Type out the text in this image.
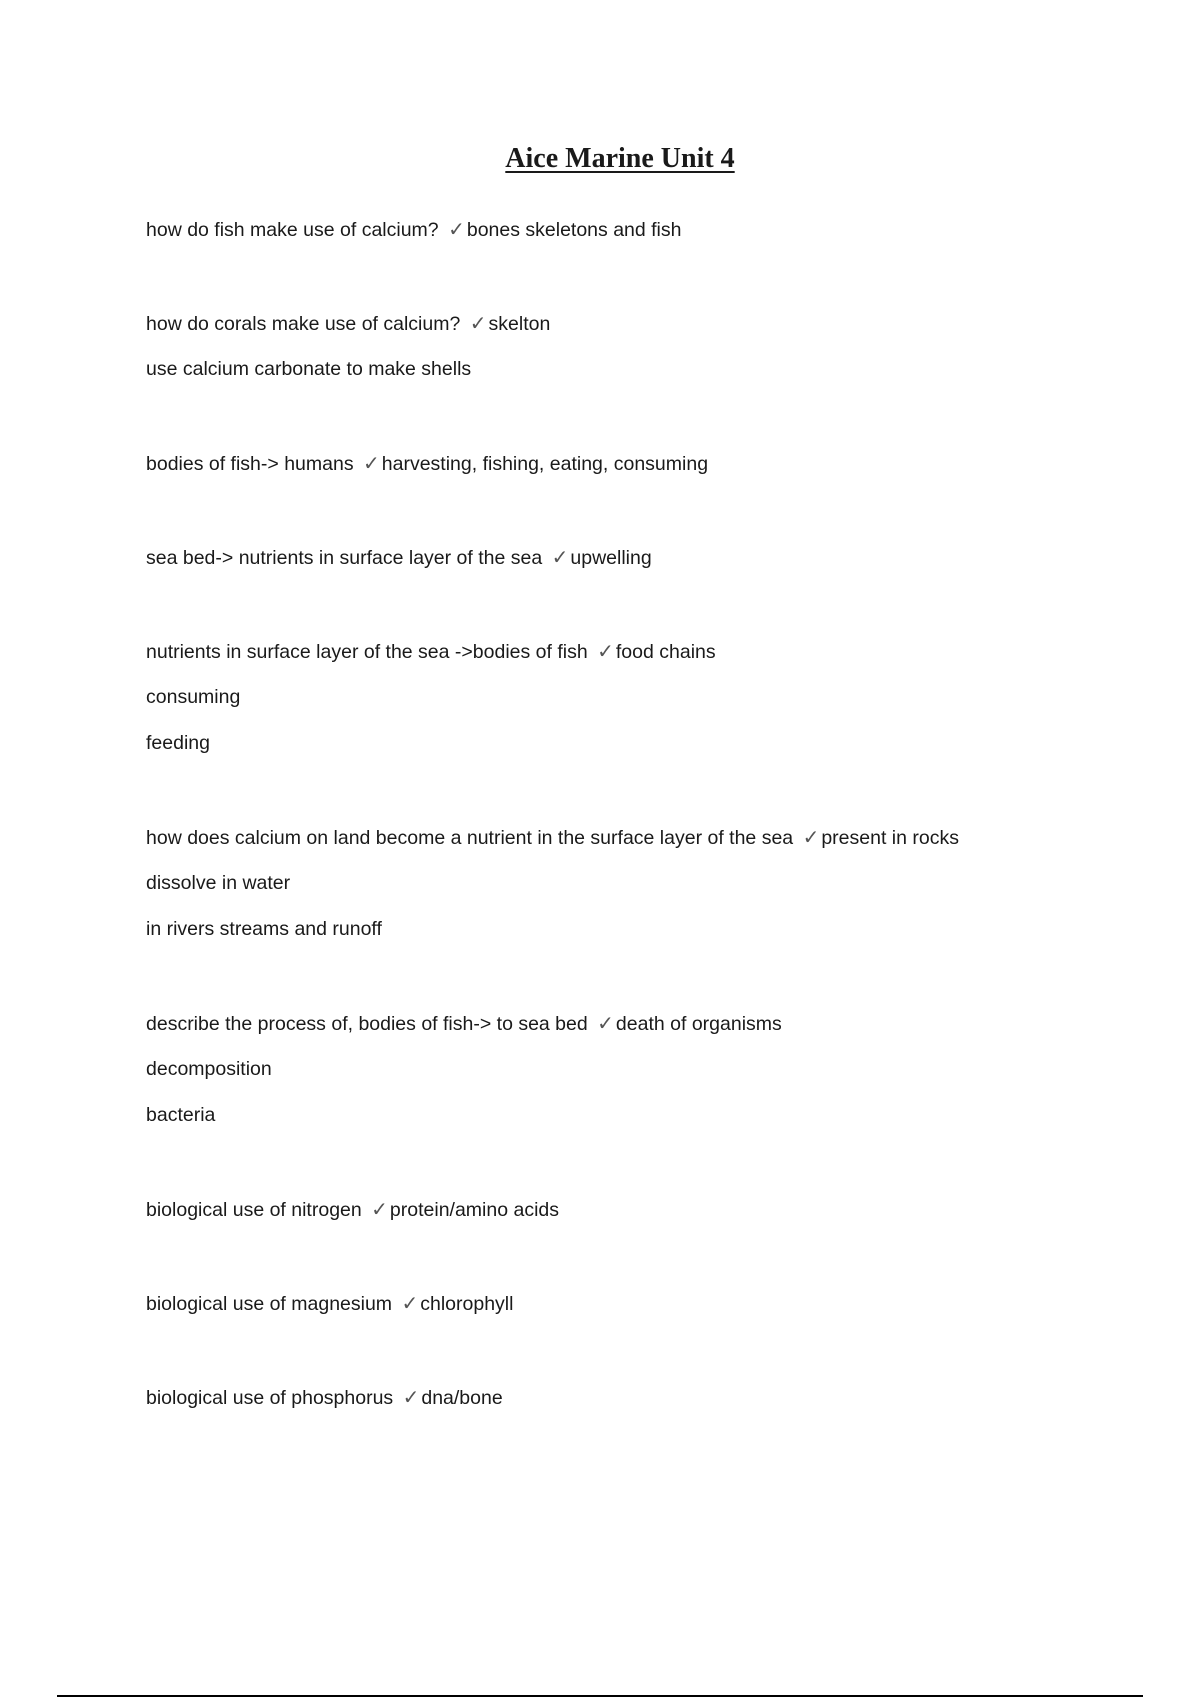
Aice Marine Unit 4
how do fish make use of calcium? ✓ bones skeletons and fish
how do corals make use of calcium? ✓ skelton
use calcium carbonate to make shells
bodies of fish-> humans ✓ harvesting, fishing, eating, consuming
sea bed-> nutrients in surface layer of the sea ✓ upwelling
nutrients in surface layer of the sea ->bodies of fish ✓ food chains
consuming
feeding
how does calcium on land become a nutrient in the surface layer of the sea ✓ present in rocks
dissolve in water
in rivers streams and runoff
describe the process of, bodies of fish-> to sea bed ✓ death of organisms
decomposition
bacteria
biological use of nitrogen ✓ protein/amino acids
biological use of magnesium ✓ chlorophyll
biological use of phosphorus ✓ dna/bone
